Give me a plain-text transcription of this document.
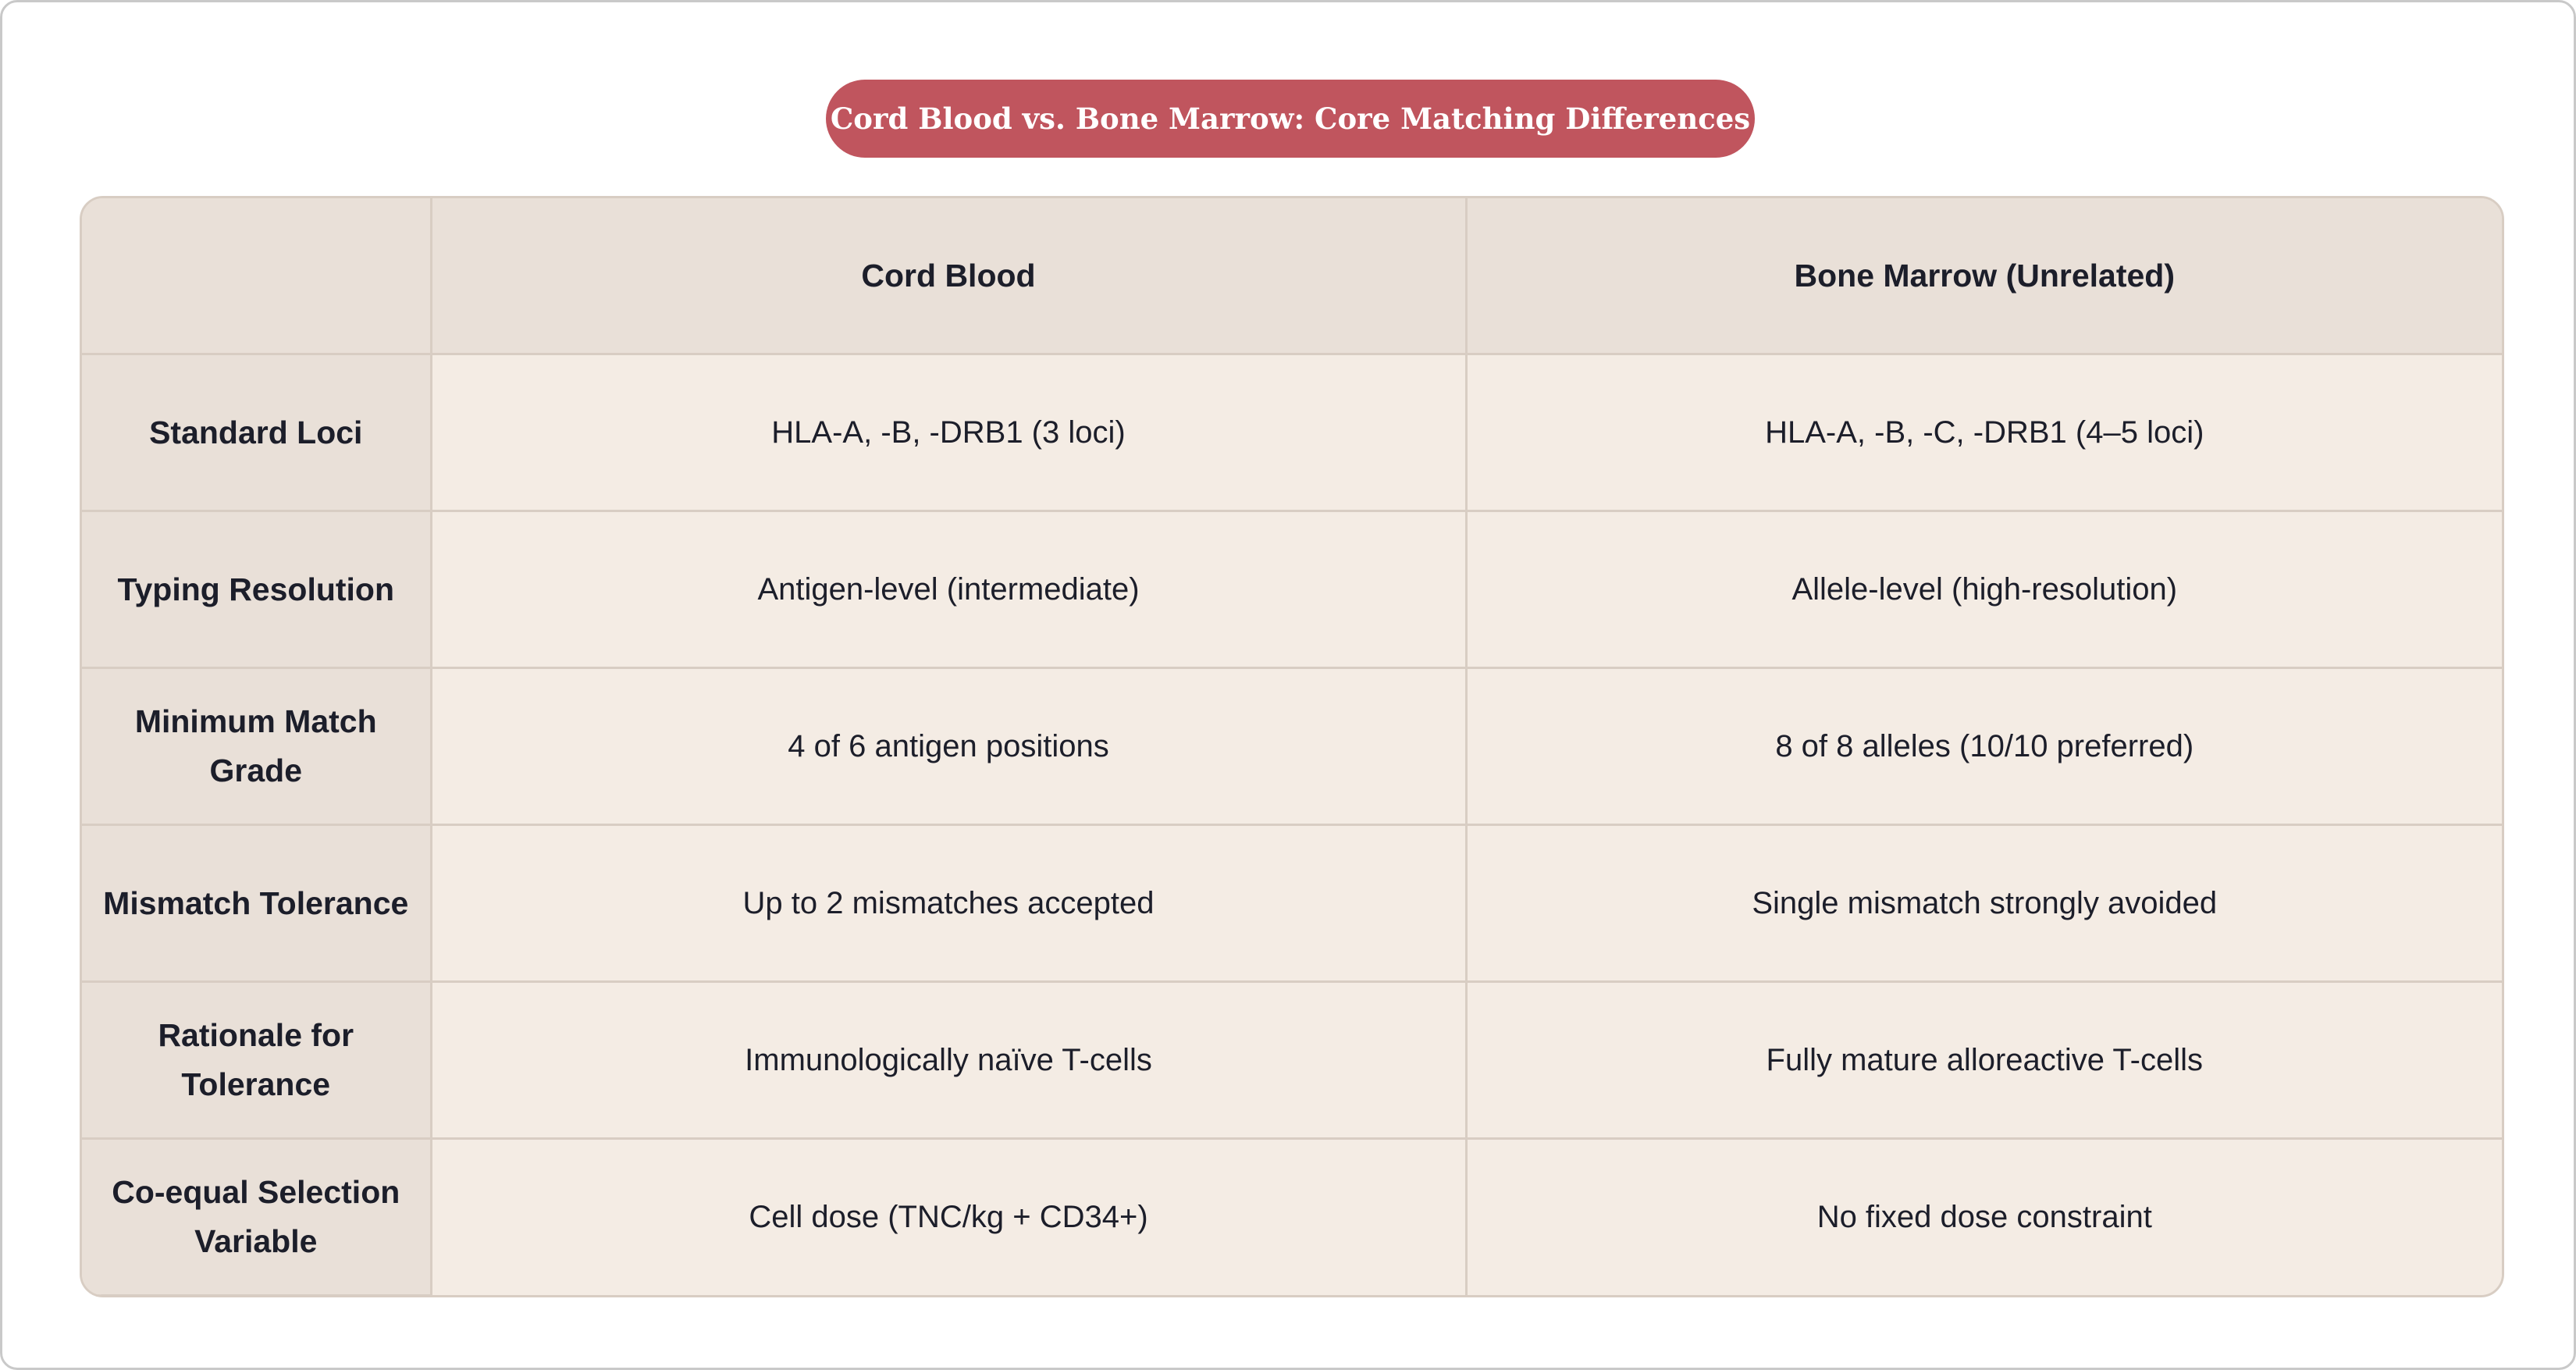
Cord Blood vs. Bone Marrow: Core Matching Differences
	Cord Blood	Bone Marrow (Unrelated)
Standard Loci	HLA-A, -B, -DRB1 (3 loci)	HLA-A, -B, -C, -DRB1 (4–5 loci)
Typing Resolution	Antigen-level (intermediate)	Allele-level (high-resolution)
Minimum Match Grade	4 of 6 antigen positions	8 of 8 alleles (10/10 preferred)
Mismatch Tolerance	Up to 2 mismatches accepted	Single mismatch strongly avoided
Rationale for Tolerance	Immunologically naïve T-cells	Fully mature alloreactive T-cells
Co-equal Selection Variable	Cell dose (TNC/kg + CD34+)	No fixed dose constraint
